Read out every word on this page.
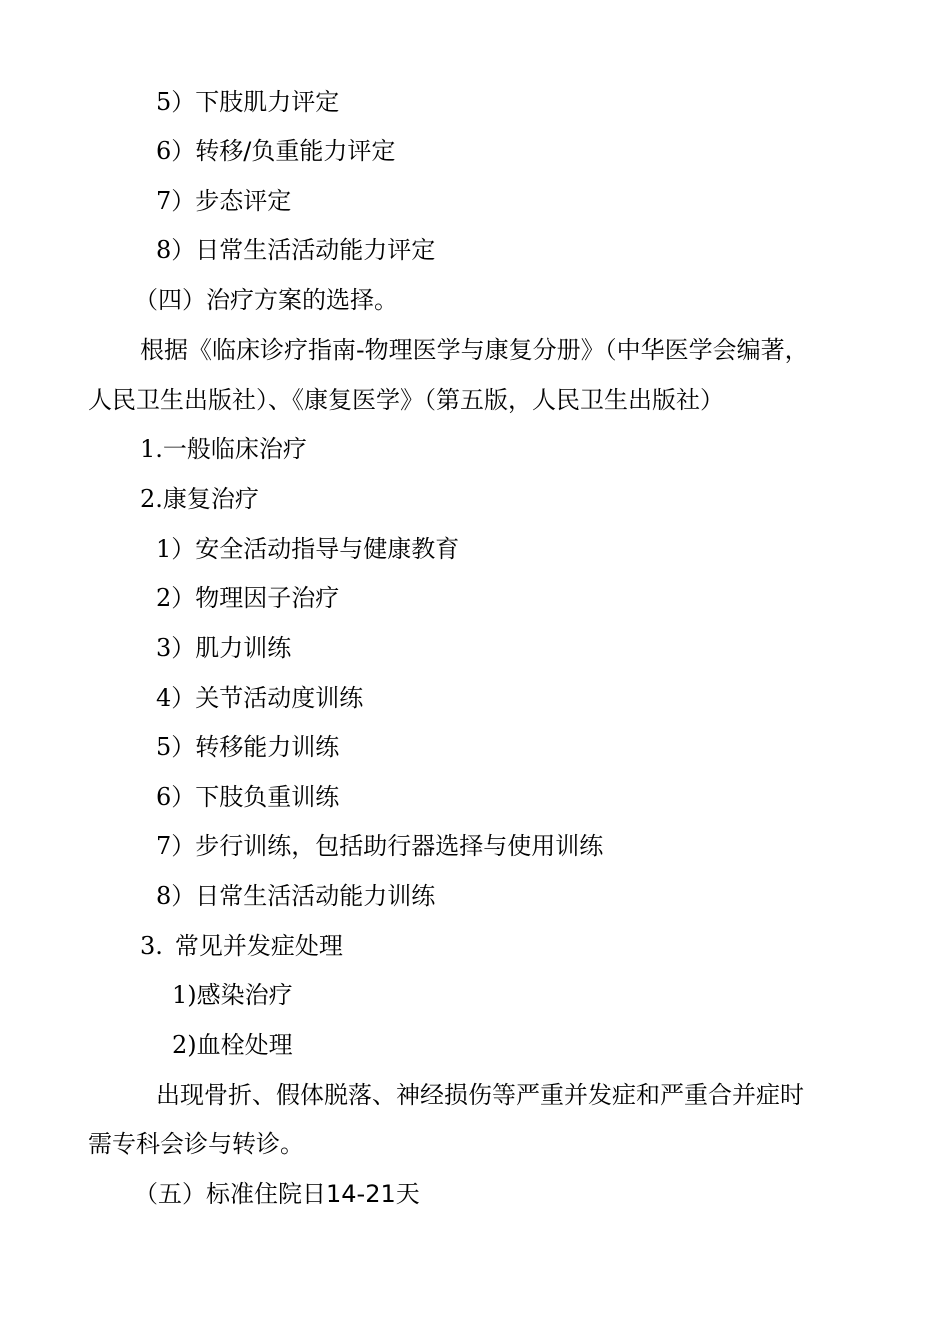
5）下肢肌力评定
6）转移/负重能力评定
7）步态评定
8）日常生活活动能力评定
（四）治疗方案的选择。
根据《临床诊疗指南-物理医学与康复分册》（中华医学会编著，
人民卫生出版社）、《康复医学》（第五版，人民卫生出版社）
1.一般临床治疗
2.康复治疗
1）安全活动指导与健康教育
2）物理因子治疗
3）肌力训练
4）关节活动度训练
5）转移能力训练
6）下肢负重训练
7）步行训练，包括助行器选择与使用训练
8）日常生活活动能力训练
3. 常见并发症处理
1)感染治疗
2)血栓处理
出现骨折、假体脱落、神经损伤等严重并发症和严重合并症时
需专科会诊与转诊。
（五）标准住院日14-21天
